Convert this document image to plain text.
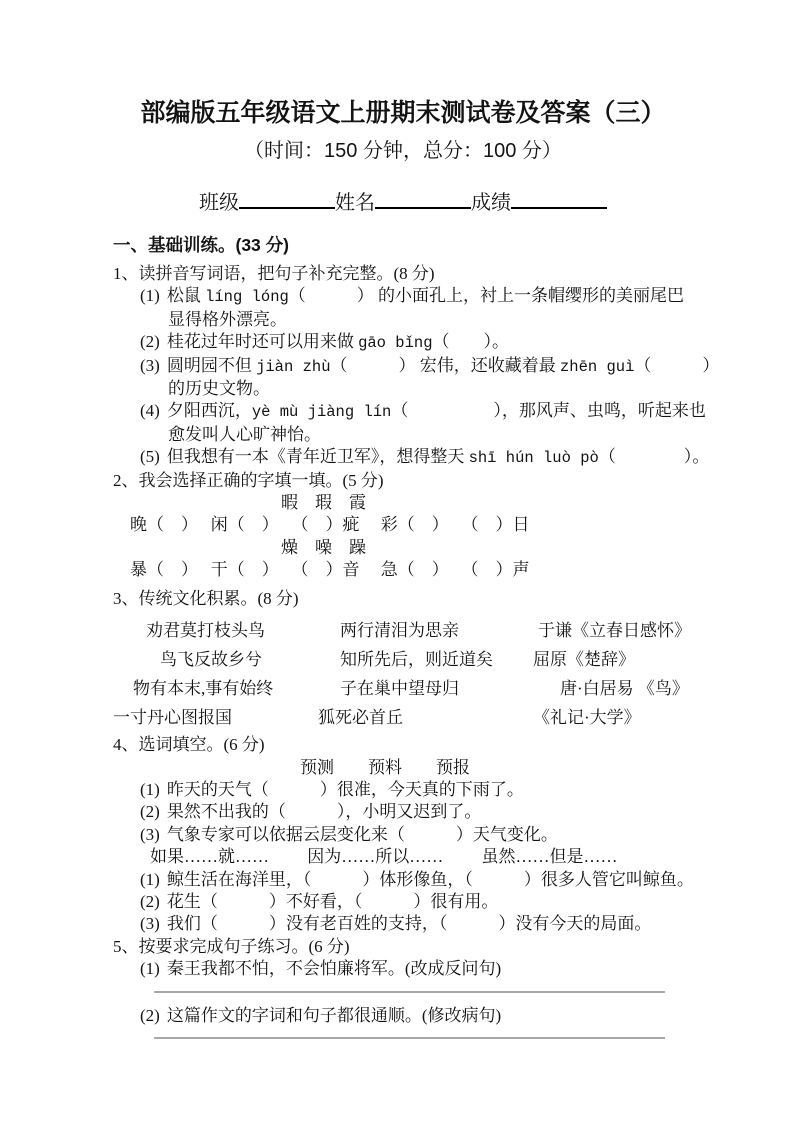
部编版五年级语文上册期末测试卷及答案（三）
（时间：150 分钟，总分：100 分）
班级	姓名	成绩
一、基础训练。(33 分)
1、读拼音写词语，把句子补充完整。(8 分)
(1) 松鼠 líng lóng（　　　） 的小面孔上，衬上一条帽缨形的美丽尾巴
显得格外漂亮。
(2) 桂花过年时还可以用来做 gāo bǐng（　　）。
(3) 圆明园不但 jiàn zhù（　　　） 宏伟，还收藏着最 zhēn guì（　　　）
的历史文物。
(4) 夕阳西沉，yè mù jiàng lín（　　　　　），那风声、虫鸣，听起来也
愈发叫人心旷神怡。
(5) 但我想有一本《青年近卫军》，想得整天 shī hún luò pò（　　　　）。
2、我会选择正确的字填一填。(5 分)
暇　瑕　霞
晚（　）　 闲（　）　 （　）疵　 彩（　）　 （　）日
燥　噪　躁
暴（　）　 干（　）　 （　）音　 急（　）　 （　）声
3、传统文化积累。(8 分)
劝君莫打枝头鸟	两行清泪为思亲	于谦《立春日感怀》
鸟飞反故乡兮	知所先后，则近道矣	屈原《楚辞》
物有本末,事有始终	子在巢中望母归	唐·白居易 《鸟》
一寸丹心图报国	狐死必首丘	《礼记·大学》
4、选词填空。(6 分)
预测　　预料　　预报
(1) 昨天的天气（　　　）很准，今天真的下雨了。
(2) 果然不出我的（　　　），小明又迟到了。
(3) 气象专家可以依据云层变化来（　　　）天气变化。
如果……就……　　 因为……所以……　　 虽然……但是……
(1) 鲸生活在海洋里，（　　　）体形像鱼，（　　　）很多人管它叫鲸鱼。
(2) 花生（　　　）不好看，（　　　）很有用。
(3) 我们（　　　）没有老百姓的支持，（　　　）没有今天的局面。
5、按要求完成句子练习。(6 分)
(1) 秦王我都不怕，不会怕廉将军。(改成反问句)
(2) 这篇作文的字词和句子都很通顺。(修改病句)
